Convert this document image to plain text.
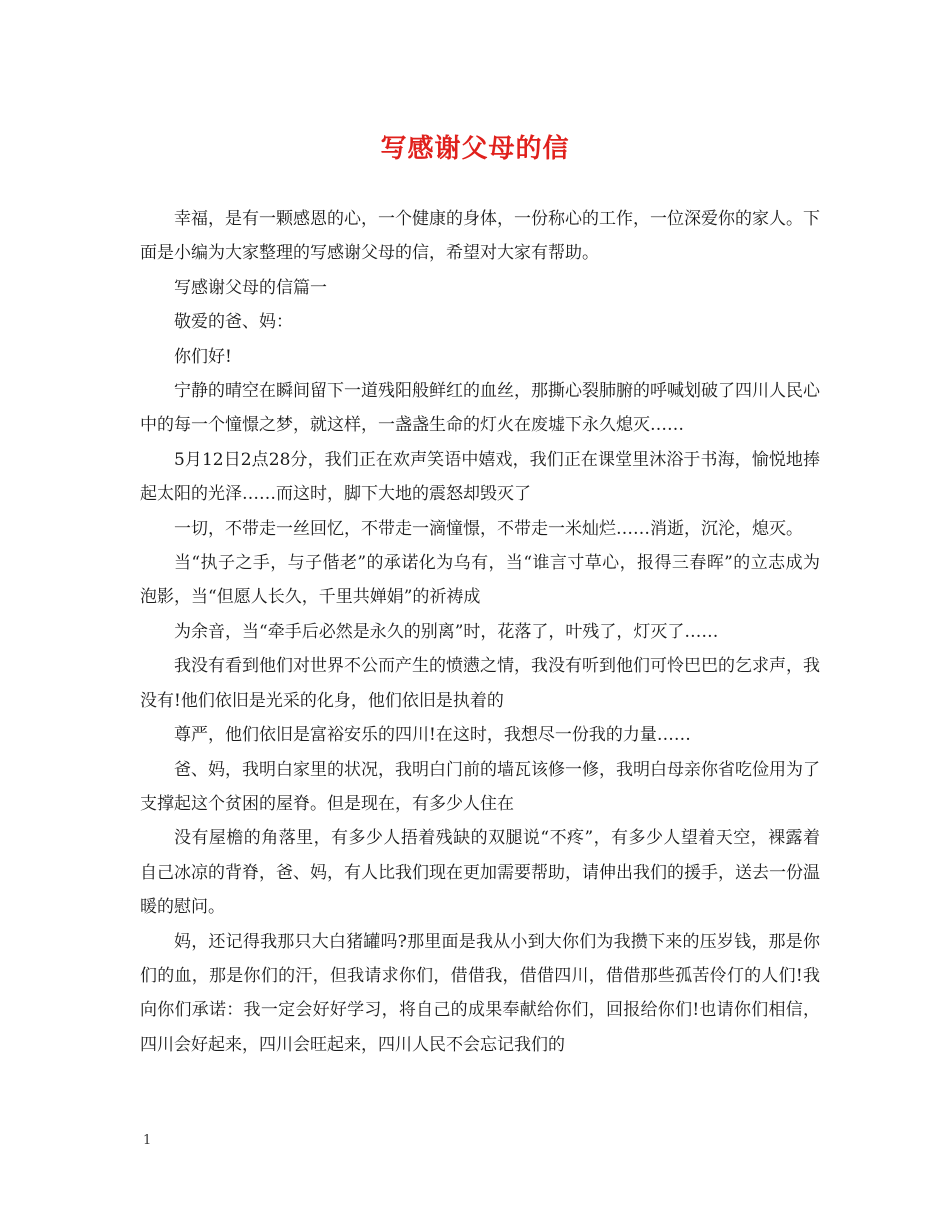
写感谢父母的信

幸福，是有一颗感恩的心，一个健康的身体，一份称心的工作，一位深爱你的家人。下面是小编为大家整理的写感谢父母的信，希望对大家有帮助。

写感谢父母的信篇一

敬爱的爸、妈：

你们好!

宁静的晴空在瞬间留下一道残阳般鲜红的血丝，那撕心裂肺腑的呼喊划破了四川人民心中的每一个憧憬之梦，就这样，一盏盏生命的灯火在废墟下永久熄灭……

5月12日2点28分，我们正在欢声笑语中嬉戏，我们正在课堂里沐浴于书海，愉悦地捧起太阳的光泽……而这时，脚下大地的震怒却毁灭了

一切，不带走一丝回忆，不带走一滴憧憬，不带走一米灿烂……消逝，沉沦，熄灭。

当“执子之手，与子偕老”的承诺化为乌有，当“谁言寸草心，报得三春晖”的立志成为泡影，当“但愿人长久，千里共婵娟”的祈祷成

为余音，当“牵手后必然是永久的别离”时，花落了，叶残了，灯灭了……

我没有看到他们对世界不公而产生的愤懑之情，我没有听到他们可怜巴巴的乞求声，我没有!他们依旧是光采的化身，他们依旧是执着的

尊严，他们依旧是富裕安乐的四川!在这时，我想尽一份我的力量……

爸、妈，我明白家里的状况，我明白门前的墙瓦该修一修，我明白母亲你省吃俭用为了支撑起这个贫困的屋脊。但是现在，有多少人住在

没有屋檐的角落里，有多少人捂着残缺的双腿说“不疼”，有多少人望着天空，裸露着自己冰凉的背脊，爸、妈，有人比我们现在更加需要帮助，请伸出我们的援手，送去一份温暖的慰问。

妈，还记得我那只大白猪罐吗?那里面是我从小到大你们为我攒下来的压岁钱，那是你们的血，那是你们的汗，但我请求你们，借借我，借借四川，借借那些孤苦伶仃的人们!我向你们承诺：我一定会好好学习，将自己的成果奉献给你们，回报给你们!也请你们相信，四川会好起来，四川会旺起来，四川人民不会忘记我们的

1
